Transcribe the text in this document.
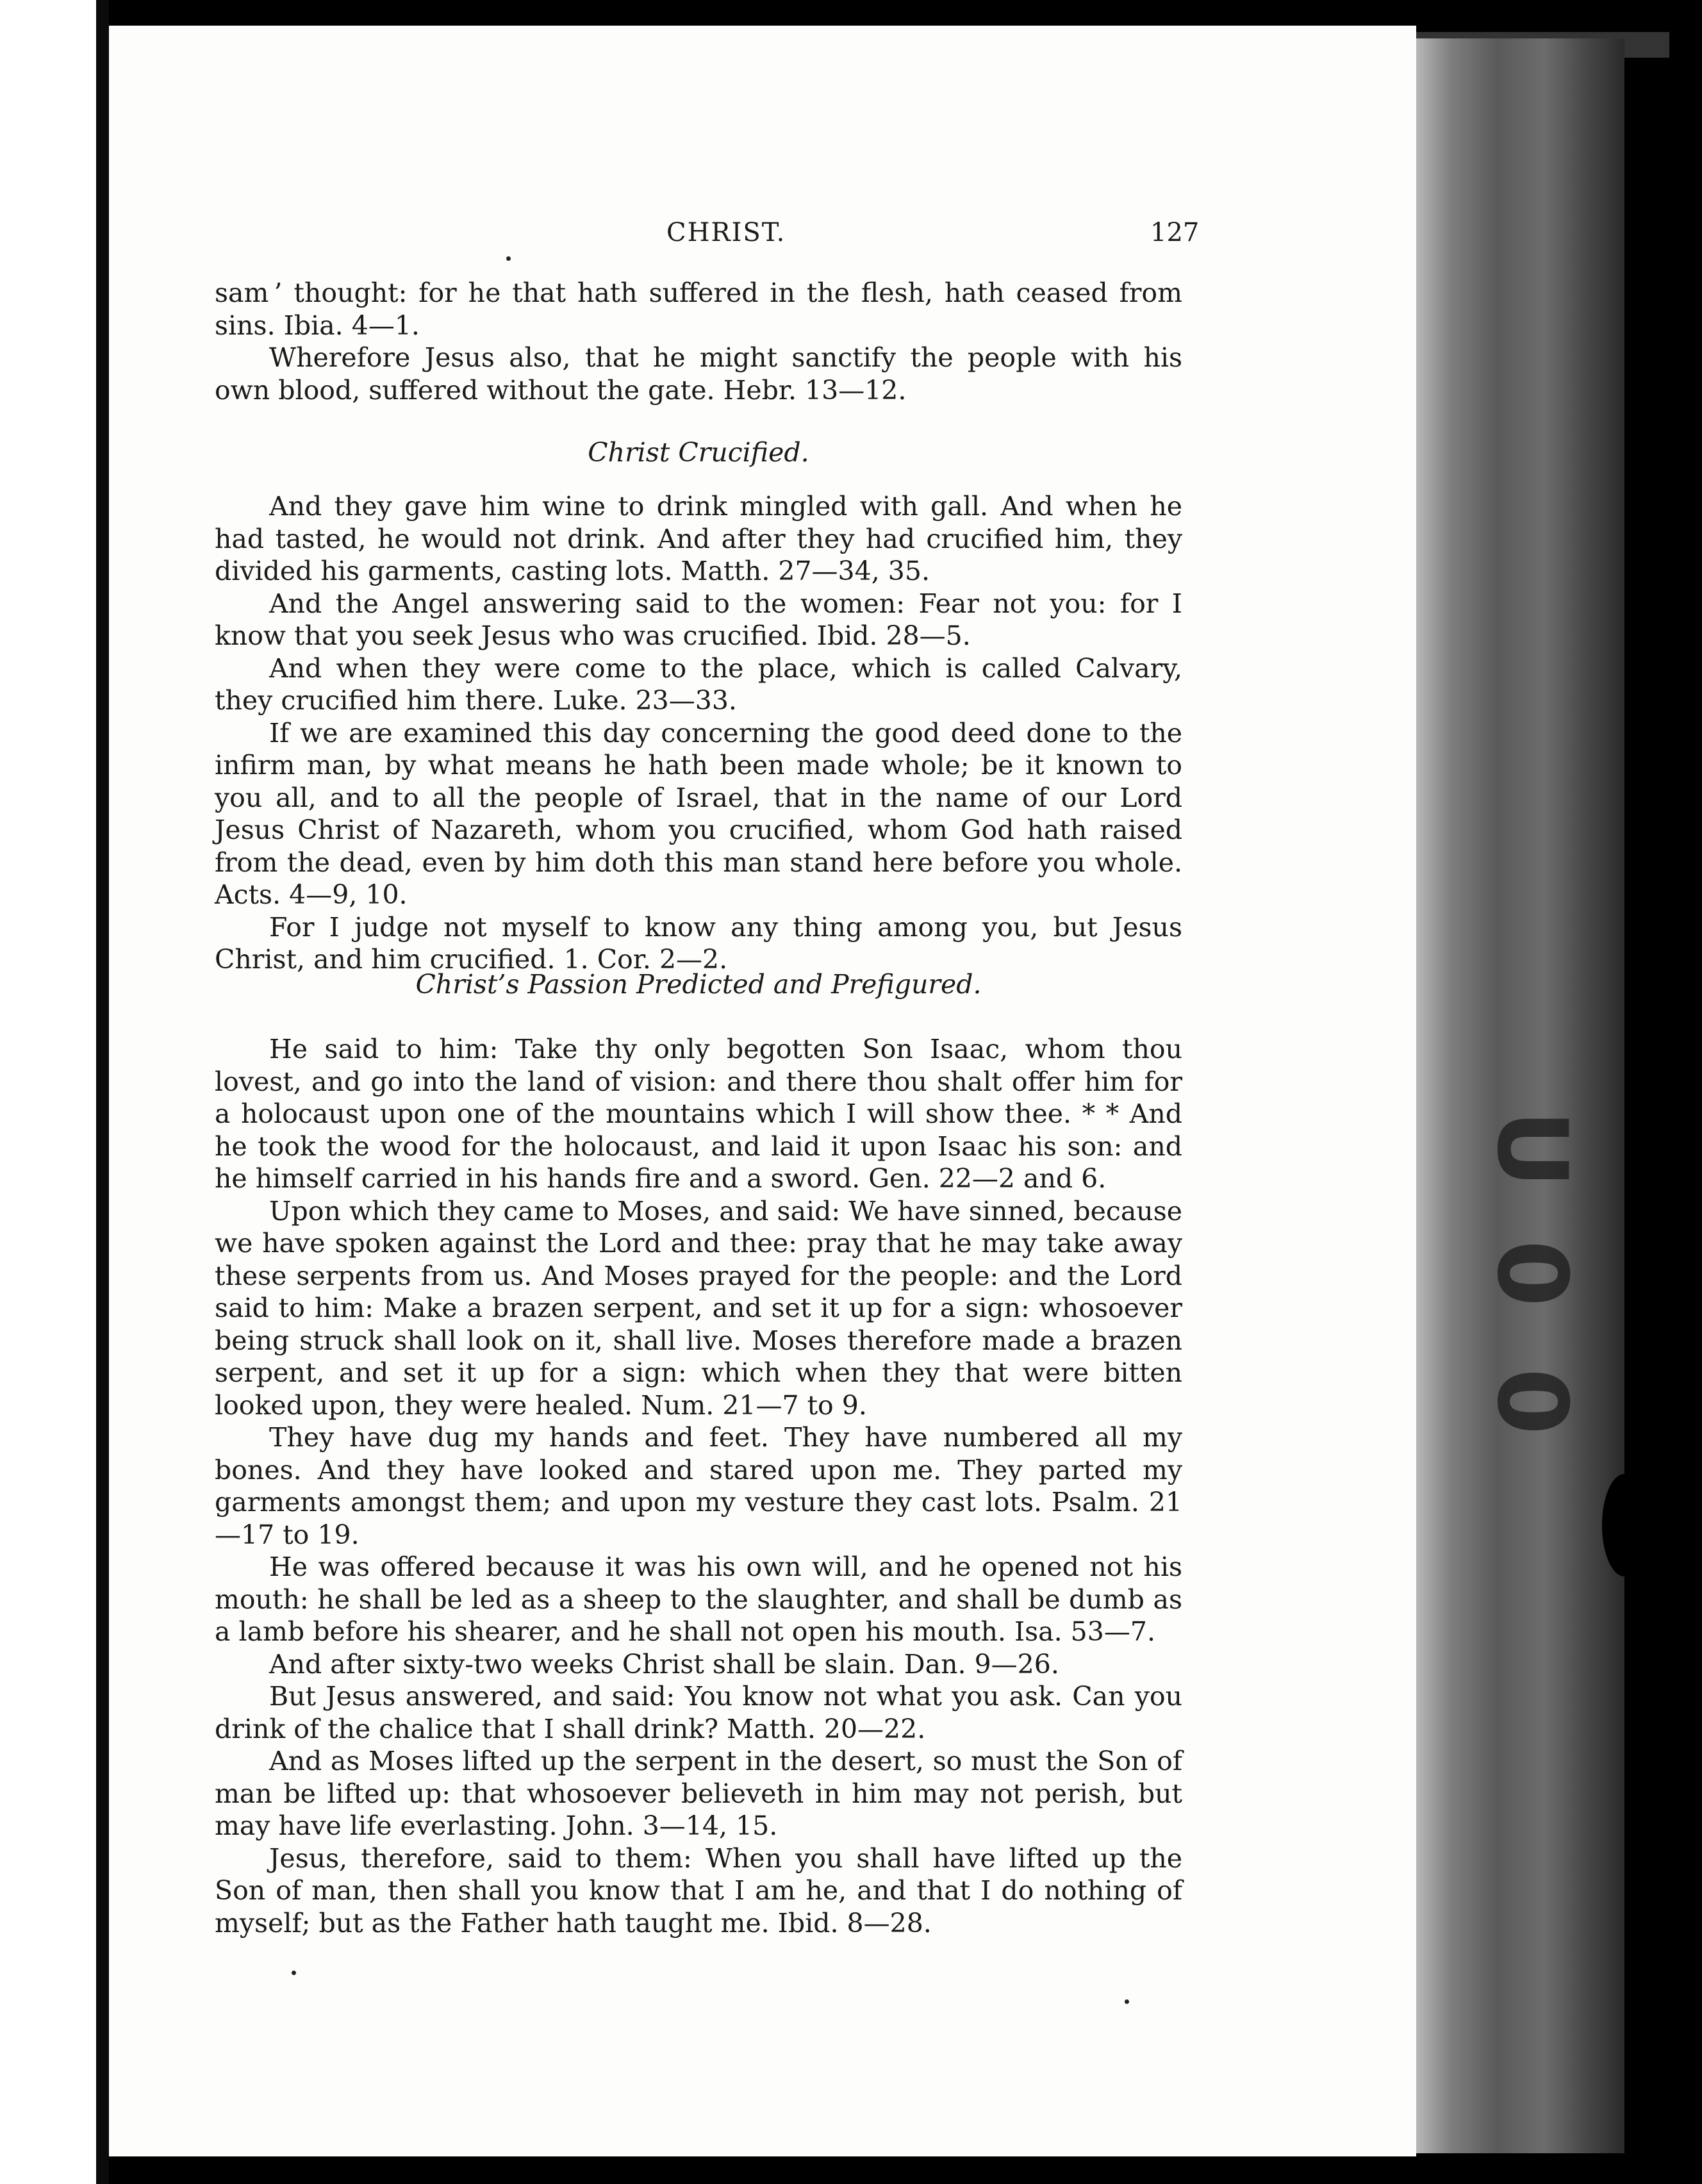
U
0
0
CHRIST.	127

sam ’ thought: for he that hath suffered in the flesh, hath ceased from sins. Ibia. 4—1.

Wherefore Jesus also, that he might sanctify the people with his own blood, suffered without the gate. Hebr. 13—12.

Christ Crucified.

And they gave him wine to drink mingled with gall. And when he had tasted, he would not drink. And after they had crucified him, they divided his garments, casting lots. Matth. 27—34, 35.

And the Angel answering said to the women: Fear not you: for I know that you seek Jesus who was crucified. Ibid. 28—5.

And when they were come to the place, which is called Calvary, they crucified him there. Luke. 23—33.

If we are examined this day concerning the good deed done to the infirm man, by what means he hath been made whole; be it known to you all, and to all the people of Israel, that in the name of our Lord Jesus Christ of Nazareth, whom you crucified, whom God hath raised from the dead, even by him doth this man stand here before you whole. Acts. 4—9, 10.

For I judge not myself to know any thing among you, but Jesus Christ, and him crucified. 1. Cor. 2—2.

Christ’s Passion Predicted and Prefigured.

He said to him: Take thy only begotten Son Isaac, whom thou lovest, and go into the land of vision: and there thou shalt offer him for a holocaust upon one of the mountains which I will show thee. * * And he took the wood for the holocaust, and laid it upon Isaac his son: and he himself carried in his hands fire and a sword. Gen. 22—2 and 6.

Upon which they came to Moses, and said: We have sinned, because we have spoken against the Lord and thee: pray that he may take away these serpents from us. And Moses prayed for the people: and the Lord said to him: Make a brazen serpent, and set it up for a sign: whosoever being struck shall look on it, shall live. Moses therefore made a brazen serpent, and set it up for a sign: which when they that were bitten looked upon, they were healed. Num. 21—7 to 9.

They have dug my hands and feet. They have numbered all my bones. And they have looked and stared upon me. They parted my garments amongst them; and upon my vesture they cast lots. Psalm. 21—17 to 19.

He was offered because it was his own will, and he opened not his mouth: he shall be led as a sheep to the slaughter, and shall be dumb as a lamb before his shearer, and he shall not open his mouth. Isa. 53—7.

And after sixty-two weeks Christ shall be slain. Dan. 9—26.

But Jesus answered, and said: You know not what you ask. Can you drink of the chalice that I shall drink? Matth. 20—22.

And as Moses lifted up the serpent in the desert, so must the Son of man be lifted up: that whosoever believeth in him may not perish, but may have life everlasting. John. 3—14, 15.

Jesus, therefore, said to them: When you shall have lifted up the Son of man, then shall you know that I am he, and that I do nothing of myself; but as the Father hath taught me. Ibid. 8—28.
